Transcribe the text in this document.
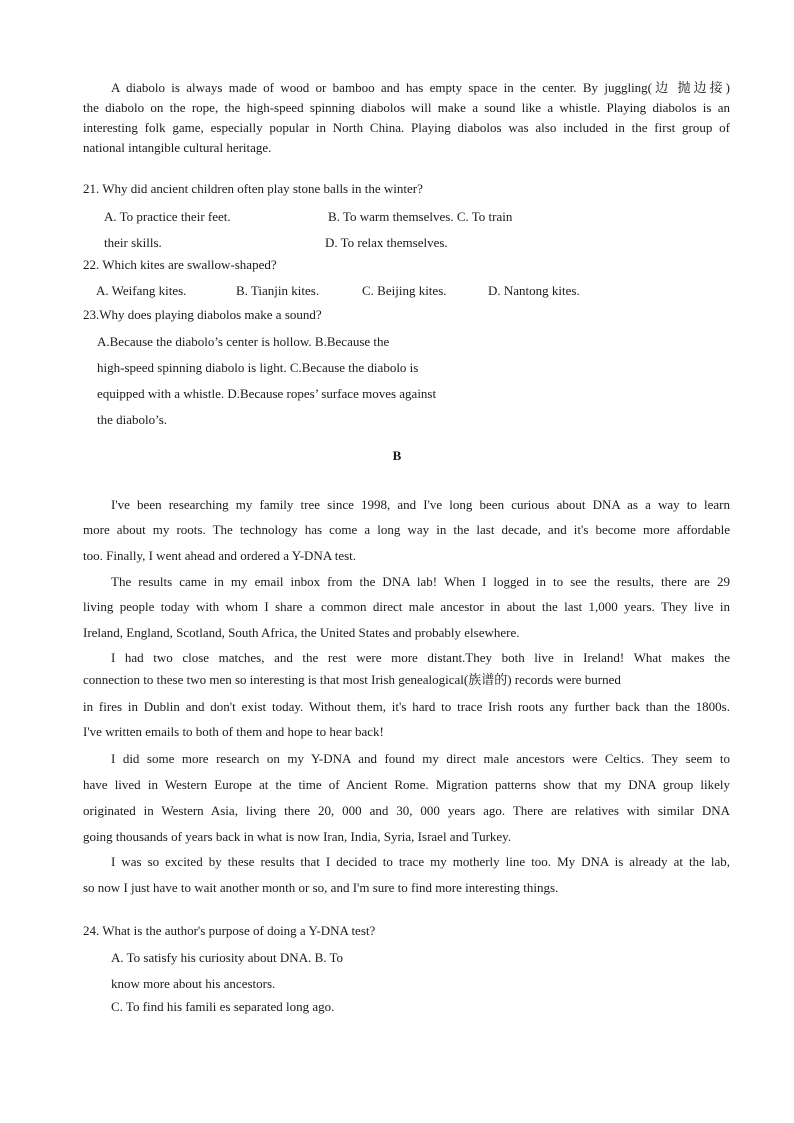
A diabolo is always made of wood or bamboo and has empty space in the center. By juggling(边 抛边接)
the diabolo on the rope, the high-speed spinning diabolos will make a sound like a whistle. Playing diabolos is an
interesting folk game, especially popular in North China. Playing diabolos was also included in the first group of
national intangible cultural heritage.
21. Why did ancient children often play stone balls in the winter?
A. To practice their feet.	B. To warm themselves. C. To train
their skills.	D. To relax themselves.
22. Which kites are swallow-shaped?
A. Weifang kites.	B. Tianjin kites.	C. Beijing kites.	D. Nantong kites.
23.Why does playing diabolos make a sound?
A.Because the diabolo’s center is hollow. B.Because the
high-speed spinning diabolo is light. C.Because the diabolo is
equipped with a whistle. D.Because ropes’ surface moves against
the diabolo’s.
B
I've been researching my family tree since 1998, and I've long been curious about DNA as a way to learn
more about my roots. The technology has come a long way in the last decade, and it's become more affordable
too. Finally, I went ahead and ordered a Y-DNA test.
The results came in my email inbox from the DNA lab! When I logged in to see the results, there are 29
living people today with whom I share a common direct male ancestor in about the last 1,000 years. They live in
Ireland, England, Scotland, South Africa, the United States and probably elsewhere.
I had two close matches, and the rest were more distant.They both live in Ireland! What makes the
connection to these two men so interesting is that most Irish genealogical(族谱的) records were burned
in fires in Dublin and don't exist today. Without them, it's hard to trace Irish roots any further back than the 1800s.
I've written emails to both of them and hope to hear back!
I did some more research on my Y-DNA and found my direct male ancestors were Celtics. They seem to
have lived in Western Europe at the time of Ancient Rome. Migration patterns show that my DNA group likely
originated in Western Asia, living there 20, 000 and 30, 000 years ago. There are relatives with similar DNA
going thousands of years back in what is now Iran, India, Syria, Israel and Turkey.
I was so excited by these results that I decided to trace my motherly line too. My DNA is already at the lab,
so now I just have to wait another month or so, and I'm sure to find more interesting things.
24. What is the author's purpose of doing a Y-DNA test?
A. To satisfy his curiosity about DNA. B. To
know more about his ancestors.
C. To find his famili es separated long ago.
